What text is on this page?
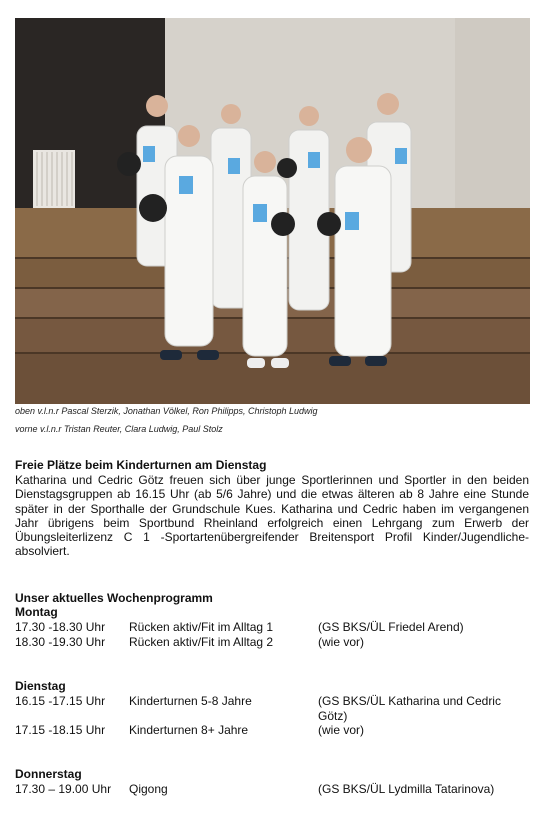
oben v.l.n.r Pascal Sterzik, Jonathan Völkel, Ron Philipps, Christoph Ludwig
vorne v.l.n.r Tristan Reuter, Clara Ludwig, Paul Stolz
Freie Plätze beim Kinderturnen am Dienstag
Katharina und Cedric Götz freuen sich über junge Sportlerinnen und Sportler in den beiden Dienstagsgruppen ab 16.15 Uhr (ab 5/6 Jahre) und die etwas älteren ab 8 Jahre eine Stunde später in der Sporthalle der Grundschule Kues. Katharina und Cedric haben im vergangenen Jahr übrigens beim Sportbund Rheinland erfolgreich einen Lehrgang zum Erwerb der Übungsleiterlizenz C 1 -Sportartenübergreifender Breitensport Profil Kinder/Jugendliche- absolviert.
Unser aktuelles Wochenprogramm
Montag
17.30 -18.30 Uhr Rücken aktiv/Fit im Alltag 1	(GS BKS/ÜL Friedel Arend)
18.30 -19.30 Uhr Rücken aktiv/Fit im Alltag 2	(wie vor)
Dienstag
16.15 -17.15 Uhr Kinderturnen 5-8 Jahre	(GS BKS/ÜL Katharina und Cedric Götz)
17.15 -18.15 Uhr Kinderturnen 8+ Jahre	(wie vor)
Donnerstag
17.30 – 19.00 Uhr Qigong	(GS BKS/ÜL Lydmilla Tatarinova)
